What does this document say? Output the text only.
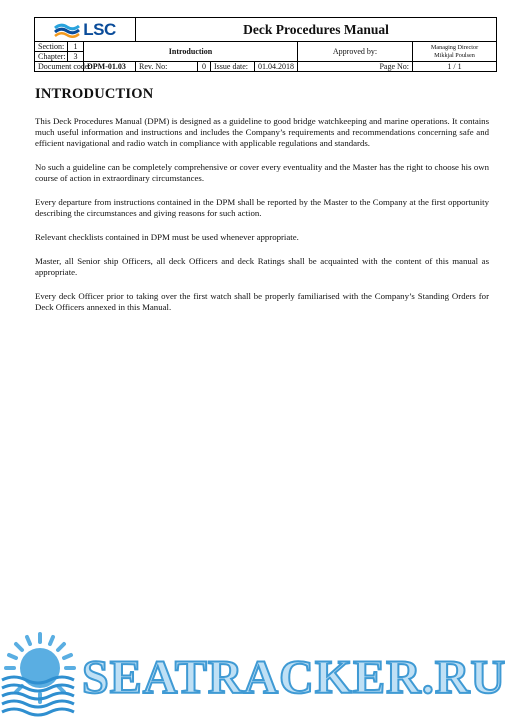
LSC			Deck Procedures Manual					
Section:	1	Introduction					Approved by:	Managing Director
Mikkjal Poulsen

Chapter:	3							
Document code:		DPM-01.03	Rev. No:	0	Issue date:	01.04.2018	Page No:	1 / 1
INTRODUCTION

This Deck Procedures Manual (DPM) is designed as a guideline to good bridge watchkeeping and marine operations. It contains much useful information and instructions and includes the Company’s requirements and recommendations concerning safe and efficient navigational and radio watch in compliance with applicable regulations and standards.

No such a guideline can be completely comprehensive or cover every eventuality and the Master has the right to choose his own course of action in extraordinary circumstances.

Every departure from instructions contained in the DPM shall be reported by the Master to the Company at the first opportunity describing the circumstances and giving reasons for such action.

Relevant checklists contained in DPM must be used whenever appropriate.

Master, all Senior ship Officers, all deck Officers and deck Ratings shall be acquainted with the content of this manual as appropriate.

Every deck Officer prior to taking over the first watch shall be properly familiarised with the Company’s Standing Orders for Deck Officers annexed in this Manual.

SEATRACKER.RU
